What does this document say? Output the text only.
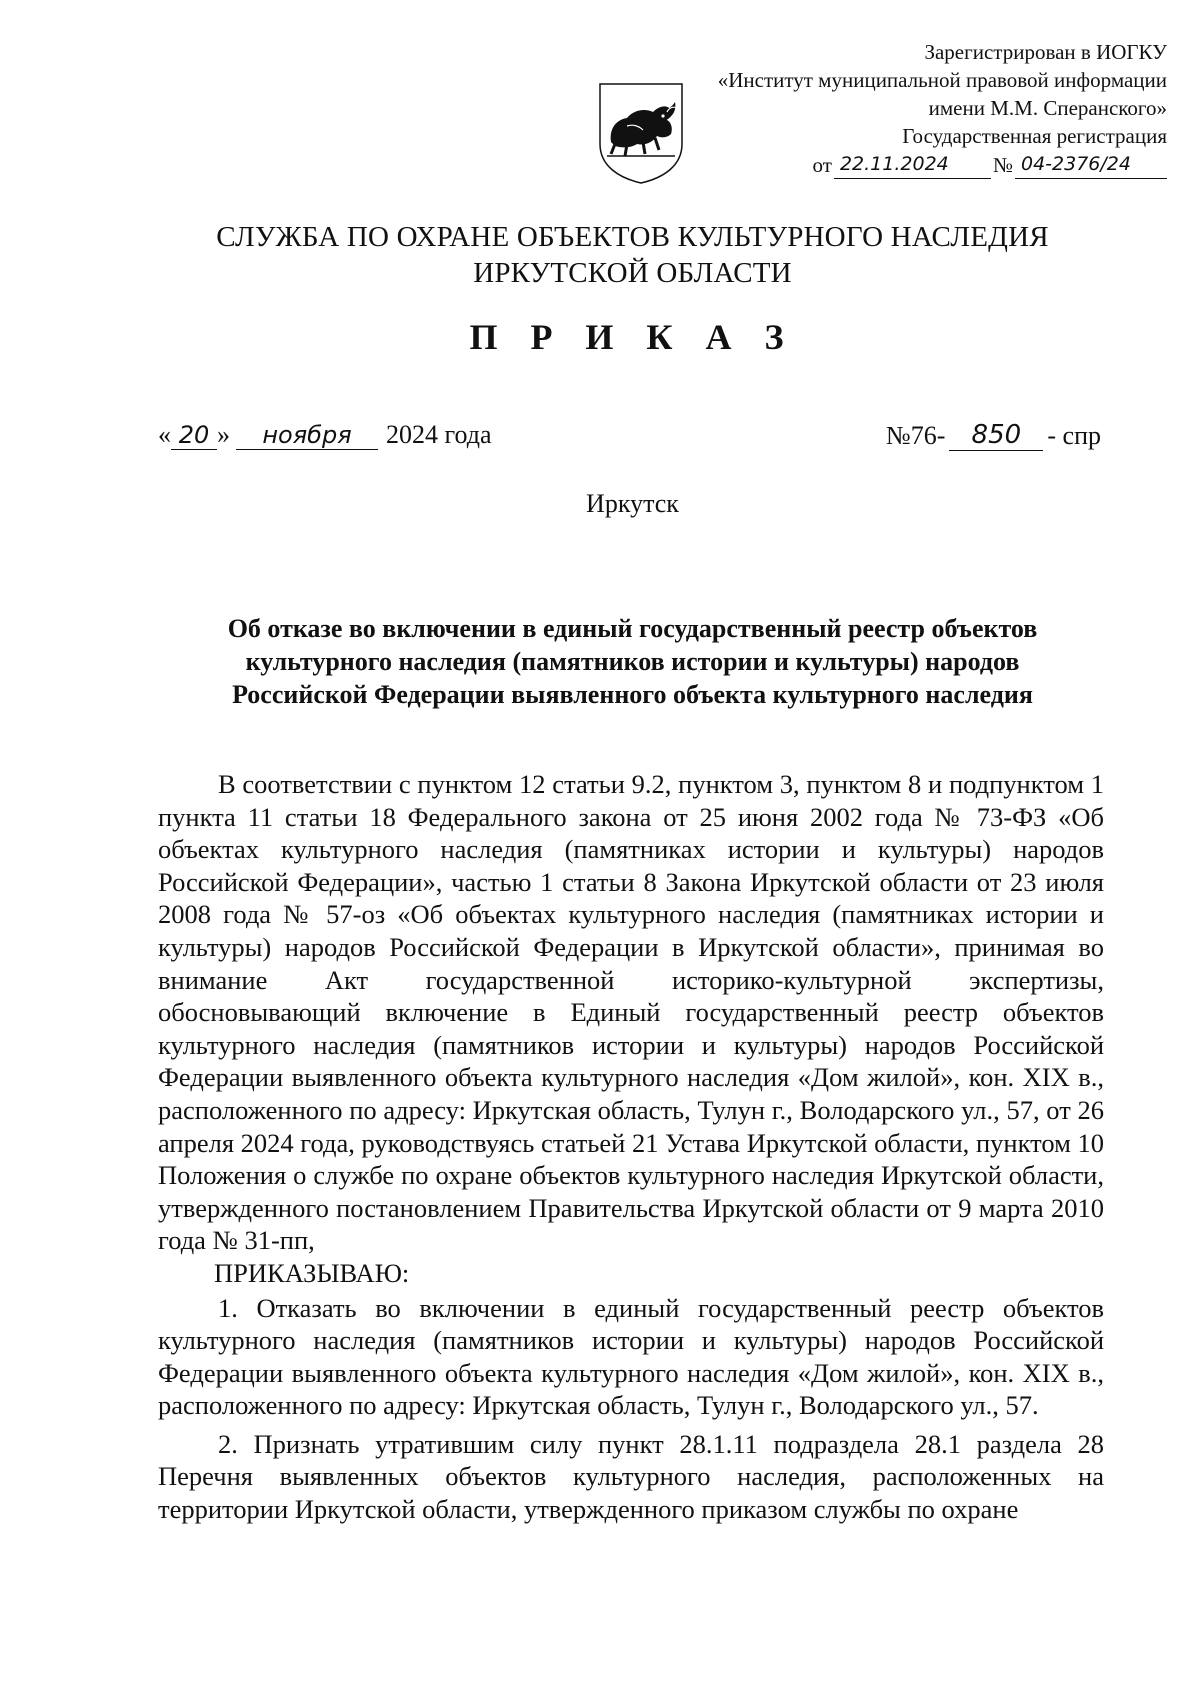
Зарегистрирован в ИОГКУ
«Институт муниципальной правовой информации
имени М.М. Сперанского»
Государственная регистрация
от 22.11.2024	№ 04-2376/24
СЛУЖБА ПО ОХРАНЕ ОБЪЕКТОВ КУЛЬТУРНОГО НАСЛЕДИЯ
ИРКУТСКОЙ ОБЛАСТИ
П Р И К А З
« 20 »	ноября	2024 года	№76-	850	- спр
Иркутск
Об отказе во включении в единый государственный реестр объектов
культурного наследия (памятников истории и культуры) народов
Российской Федерации выявленного объекта культурного наследия

В соответствии с пунктом 12 статьи 9.2, пунктом 3, пунктом 8 и подпунктом 1 пункта 11 статьи 18 Федерального закона от 25 июня 2002 года № 73-ФЗ «Об объектах культурного наследия (памятниках истории и культуры) народов Российской Федерации», частью 1 статьи 8 Закона Иркутской области от 23 июля 2008 года № 57-оз «Об объектах культурного наследия (памятниках истории и культуры) народов Российской Федерации в Иркутской области», принимая во внимание Акт государственной историко-культурной экспертизы, обосновывающий включение в Единый государственный реестр объектов культурного наследия (памятников истории и культуры) народов Российской Федерации выявленного объекта культурного наследия «Дом жилой», кон. XIX в., расположенного по адресу: Иркутская область, Тулун г., Володарского ул., 57, от 26 апреля 2024 года, руководствуясь статьей 21 Устава Иркутской области, пунктом 10 Положения о службе по охране объектов культурного наследия Иркутской области, утвержденного постановлением Правительства Иркутской области от 9 марта 2010 года № 31-пп,

ПРИКАЗЫВАЮ:

1. Отказать во включении в единый государственный реестр объектов культурного наследия (памятников истории и культуры) народов Российской Федерации выявленного объекта культурного наследия «Дом жилой», кон. XIX в., расположенного по адресу: Иркутская область, Тулун г., Володарского ул., 57.

2. Признать утратившим силу пункт 28.1.11 подраздела 28.1 раздела 28 Перечня выявленных объектов культурного наследия, расположенных на территории Иркутской области, утвержденного приказом службы по охране
